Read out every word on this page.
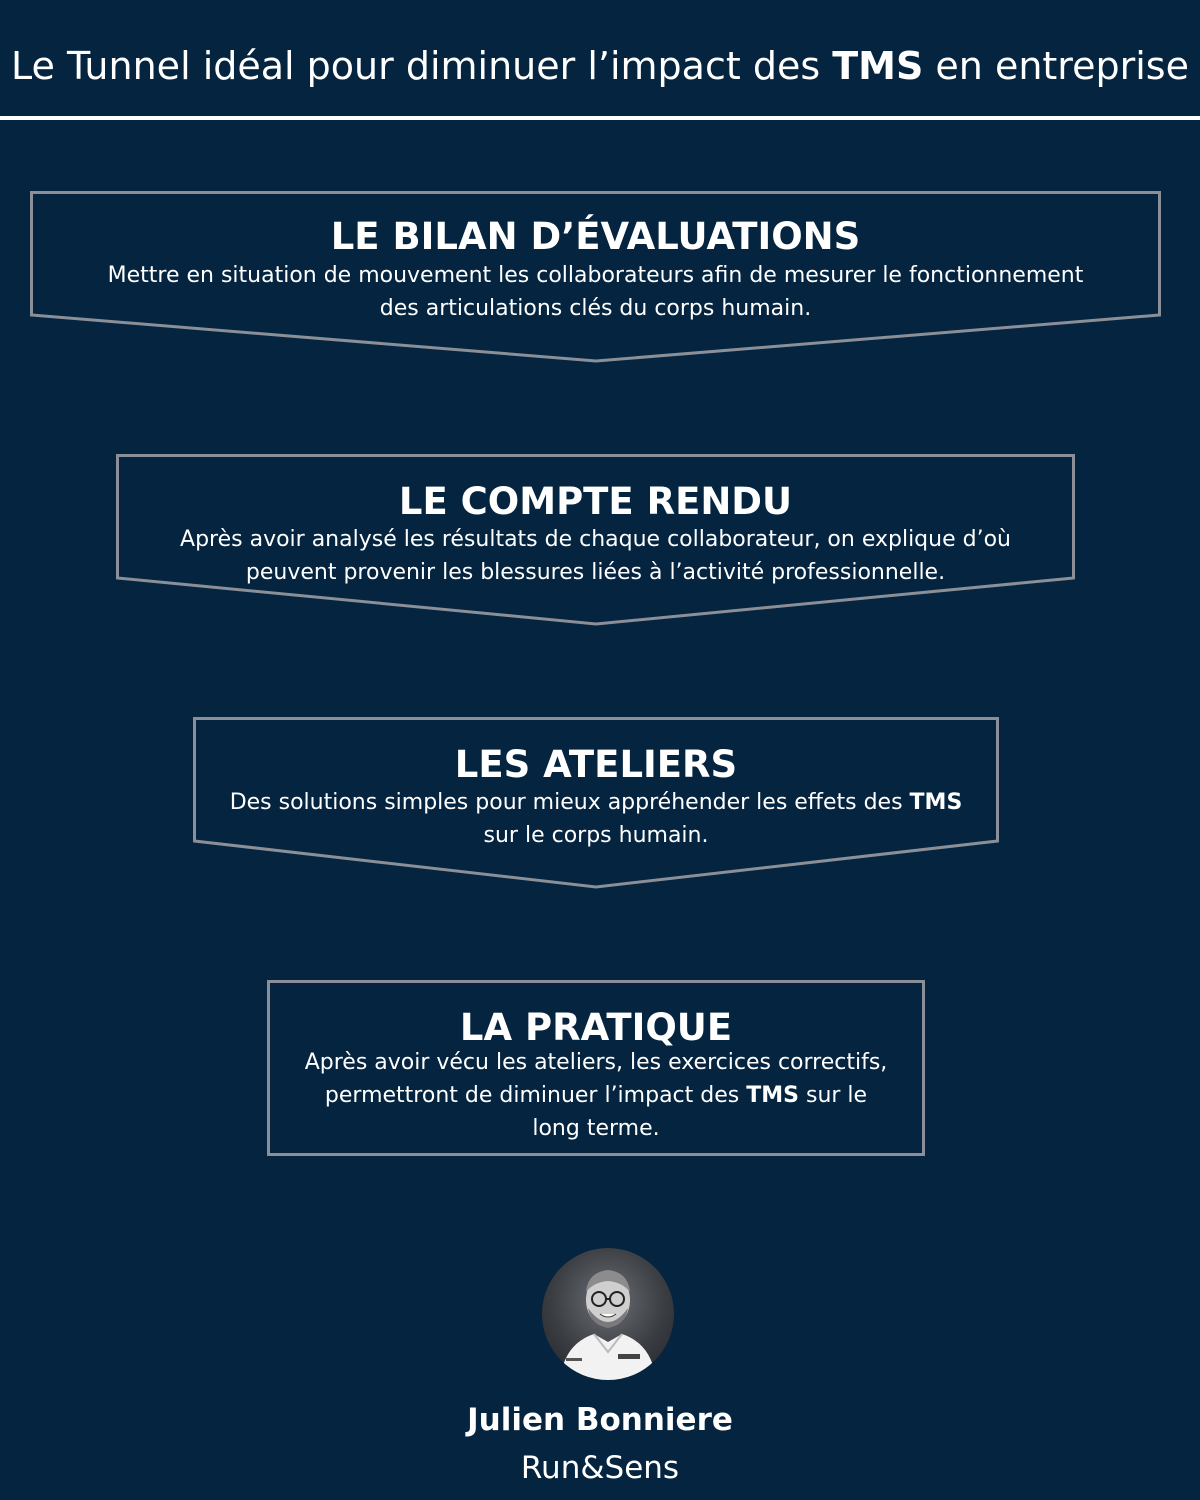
Le Tunnel idéal pour diminuer l’impact des TMS en entreprise
LE BILAN D’ÉVALUATIONS
Mettre en situation de mouvement les collaborateurs afin de mesurer le fonctionnement
des articulations clés du corps humain.
LE COMPTE RENDU
Après avoir analysé les résultats de chaque collaborateur, on explique d’où
peuvent provenir les blessures liées à l’activité professionnelle.
LES ATELIERS
Des solutions simples pour mieux appréhender les effets des TMS
sur le corps humain.
LA PRATIQUE
Après avoir vécu les ateliers, les exercices correctifs,
permettront de diminuer l’impact des TMS sur le
long terme.
Julien Bonniere
Run&Sens
